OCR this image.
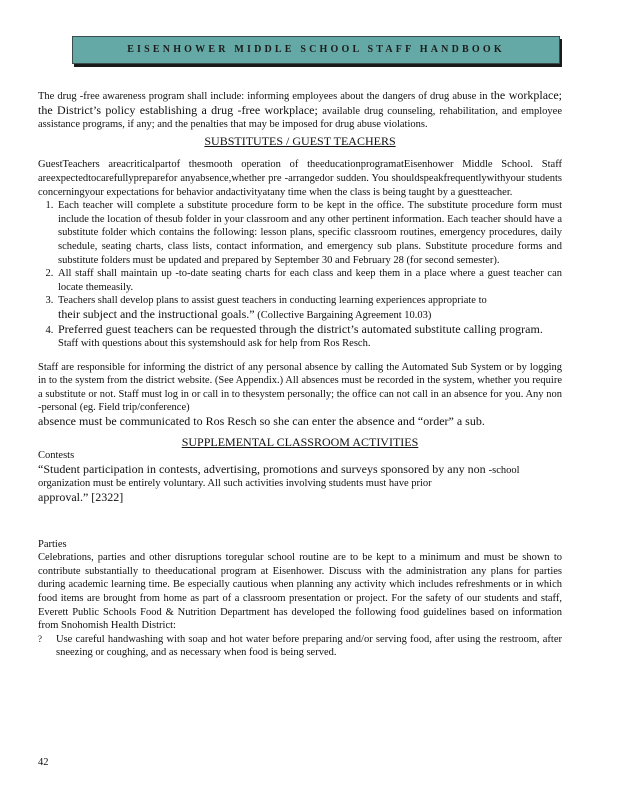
EISENHOWER MIDDLE SCHOOL STAFF HANDBOOK

The drug -free awareness program shall include: informing employees about the dangers of drug abuse in the workplace; the District’s policy establishing a drug -free workplace; available drug counseling, rehabilitation, and employee assistance programs, if any; and the penalties that may be imposed for drug abuse violations.

SUBSTITUTES / GUEST TEACHERS

GuestTeachers areacriticalpartof thesmooth operation of theeducationprogramatEisenhower Middle School. Staff areexpectedtocarefullypreparefor anyabsence,whether pre -arrangedor sudden. You shouldspeakfrequentlywithyour students concerningyour expectations for behavior andactivityatany time when the class is being taught by a guestteacher.

1. Each teacher will complete a substitute procedure form to be kept in the office. The substitute procedure form must include the location of thesub folder in your classroom and any other pertinent information. Each teacher should have a substitute folder which contains the following: lesson plans, specific classroom routines, emergency procedures, daily schedule, seating charts, class lists, contact information, and emergency sub plans. Substitute procedure forms and substitute folders must be updated and prepared by September 30 and February 28 (for second semester).
2. All staff shall maintain up -to-date seating charts for each class and keep them in a place where a guest teacher can locate themeasily.
3. Teachers shall develop plans to assist guest teachers in conducting learning experiences appropriate to
their subject and the instructional goals.” (Collective Bargaining Agreement 10.03)
4. Preferred guest teachers can be requested through the district’s automated substitute calling program.
Staff with questions about this systemshould ask for help from Ros Resch.

Staff are responsible for informing the district of any personal absence by calling the Automated Sub System or by logging in to the system from the district website. (See Appendix.) All absences must be recorded in the system, whether you require a substitute or not. Staff must log in or call in to thesystem personally; the office can not call in an absence for you. Any non -personal (eg. Field trip/conference)
absence must be communicated to Ros Resch so she can enter the absence and “order” a sub.

SUPPLEMENTAL CLASSROOM ACTIVITIES

Contests

“Student participation in contests, advertising, promotions and surveys sponsored by any non -school organization must be entirely voluntary. All such activities involving students must have prior
approval.” [2322]

Parties

Celebrations, parties and other disruptions toregular school routine are to be kept to a minimum and must be shown to contribute substantially to theeducational program at Eisenhower. Discuss with the administration any plans for parties during academic learning time. Be especially cautious when planning any activity which includes refreshments or in which food items are brought from home as part of a classroom presentation or project. For the safety of our students and staff, Everett Public Schools Food & Nutrition Department has developed the following food guidelines based on information from Snohomish Health District:

? Use careful handwashing with soap and hot water before preparing and/or serving food, after using the restroom, after sneezing or coughing, and as necessary when food is being served.
42
